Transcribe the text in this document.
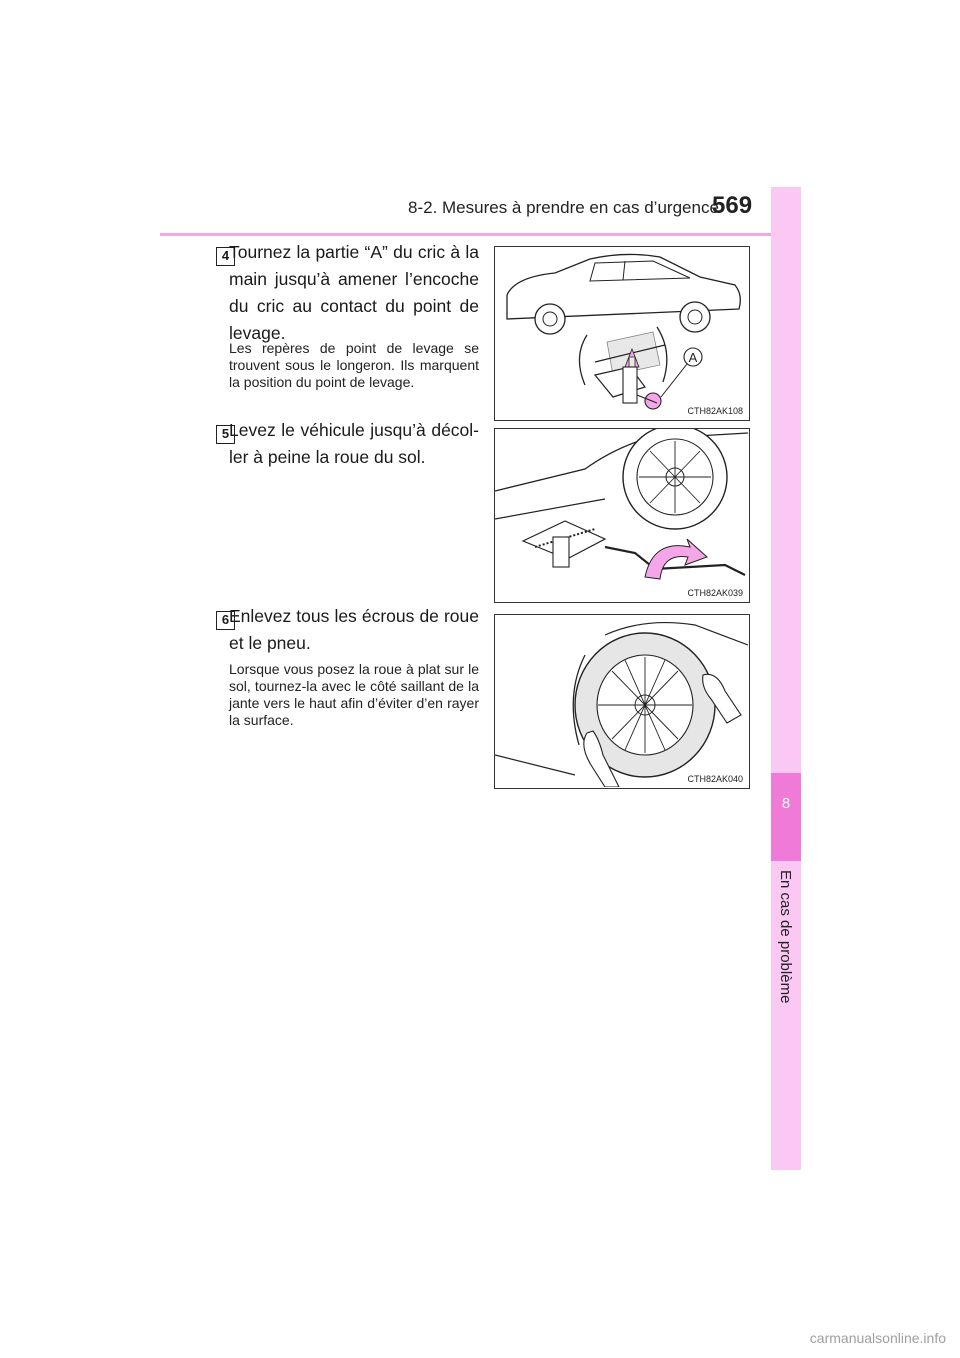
8-2. Mesures à prendre en cas d’urgence
569
8
En cas de problème
4 Tournez la partie “A” du cric à la main jusqu’à amener l’encoche du cric au contact du point de levage.
Les repères de point de levage se trouvent sous le longeron. Ils marquent la position du point de levage.
A
CTH82AK108
5 Levez le véhicule jusqu’à décol-ler à peine la roue du sol.
CTH82AK039
6 Enlevez tous les écrous de roue et le pneu.
Lorsque vous posez la roue à plat sur le sol, tournez-la avec le côté saillant de la jante vers le haut afin d’éviter d’en rayer la surface.
CTH82AK040
carmanualsonline.info
